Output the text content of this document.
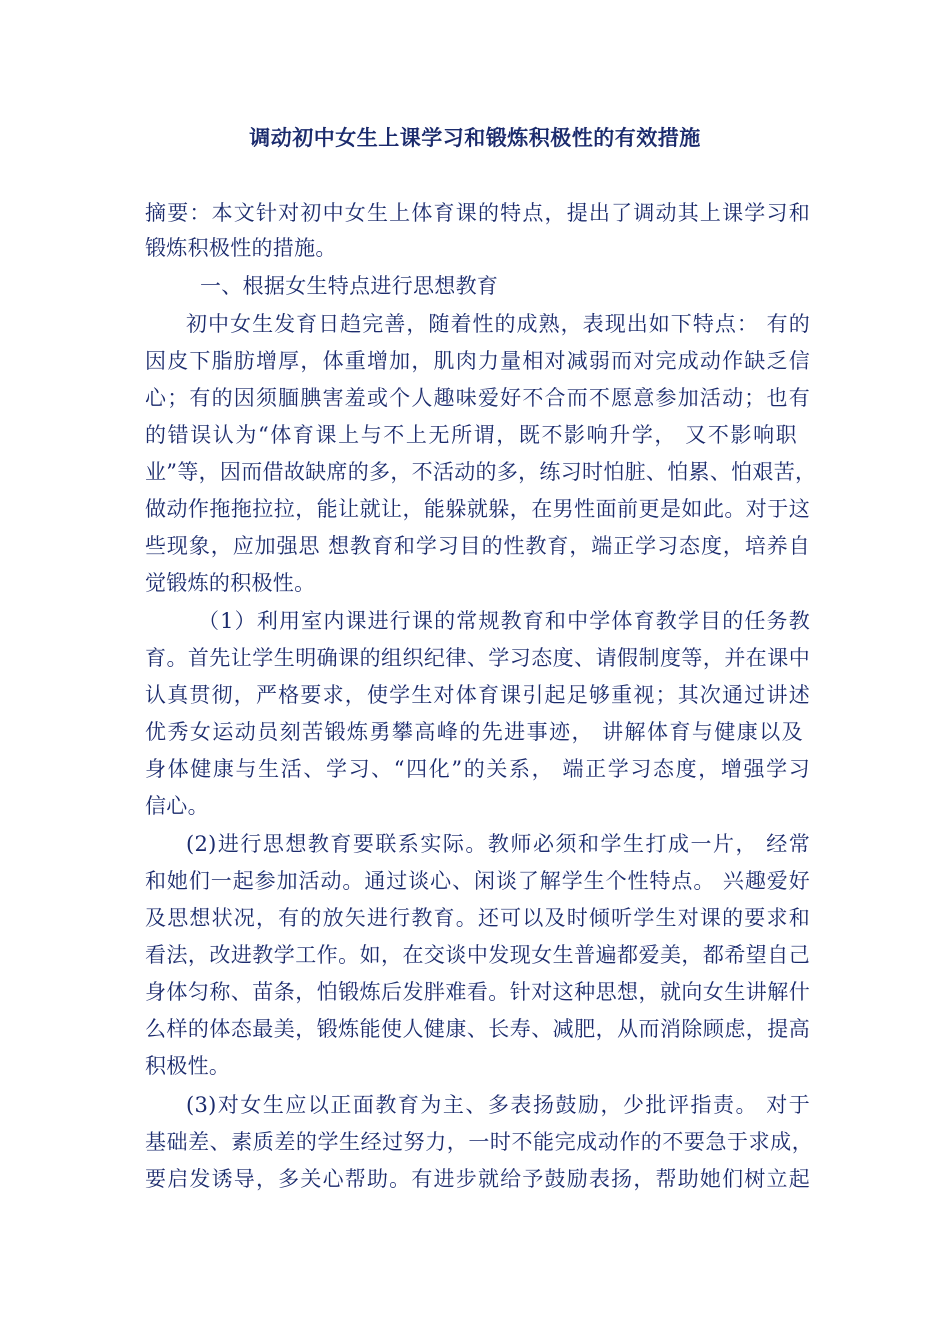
调动初中女生上课学习和锻炼积极性的有效措施
摘要：本文针对初中女生上体育课的特点，提出了调动其上课学习和
锻炼积极性的措施。
一、根据女生特点进行思想教育
初中女生发育日趋完善，随着性的成熟，表现出如下特点： 有的
因皮下脂肪增厚，体重增加，肌肉力量相对减弱而对完成动作缺乏信
心；有的因须腼腆害羞或个人趣味爱好不合而不愿意参加活动；也有
的错误认为“体育课上与不上无所谓，既不影响升学， 又不影响职
业”等，因而借故缺席的多，不活动的多，练习时怕脏、怕累、怕艰苦，
做动作拖拖拉拉，能让就让，能躲就躲，在男性面前更是如此。对于这
些现象，应加强思 想教育和学习目的性教育，端正学习态度，培养自
觉锻炼的积极性。
（1）利用室内课进行课的常规教育和中学体育教学目的任务教
育。首先让学生明确课的组织纪律、学习态度、请假制度等，并在课中
认真贯彻，严格要求，使学生对体育课引起足够重视；其次通过讲述
优秀女运动员刻苦锻炼勇攀高峰的先进事迹， 讲解体育与健康以及
身体健康与生活、学习、“四化”的关系， 端正学习态度，增强学习
信心。
(2)进行思想教育要联系实际。教师必须和学生打成一片， 经常
和她们一起参加活动。通过谈心、闲谈了解学生个性特点。 兴趣爱好
及思想状况，有的放矢进行教育。还可以及时倾听学生对课的要求和
看法，改进教学工作。如，在交谈中发现女生普遍都爱美，都希望自己
身体匀称、苗条，怕锻炼后发胖难看。针对这种思想，就向女生讲解什
么样的体态最美，锻炼能使人健康、长寿、减肥，从而消除顾虑，提高
积极性。
(3)对女生应以正面教育为主、多表扬鼓励，少批评指责。 对于
基础差、素质差的学生经过努力，一时不能完成动作的不要急于求成，
要启发诱导，多关心帮助。有进步就给予鼓励表扬，帮助她们树立起
